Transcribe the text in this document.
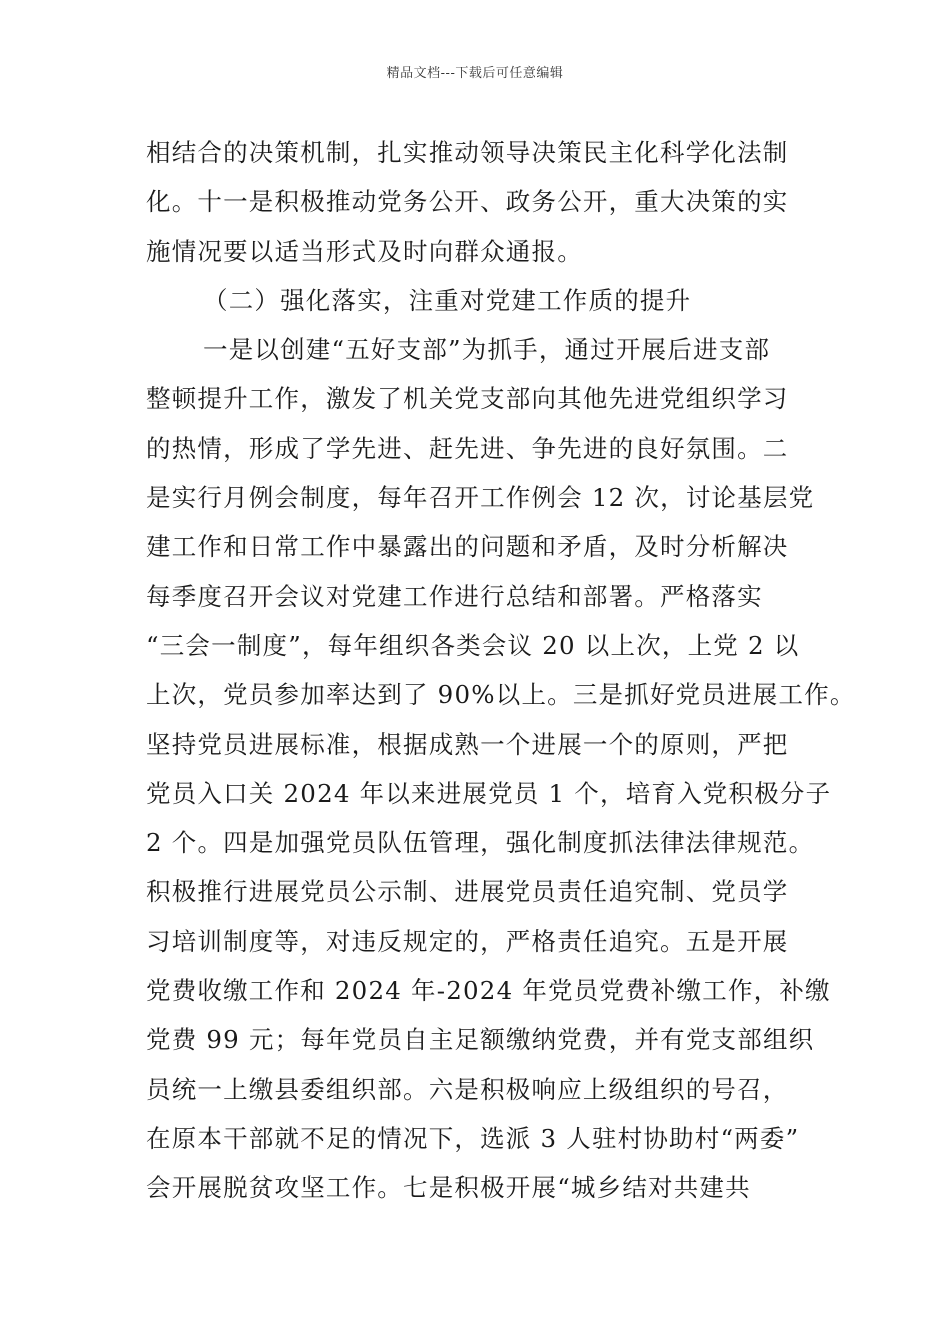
精品文档---下载后可任意编辑
相结合的决策机制，扎实推动领导决策民主化科学化法制
化。十一是积极推动党务公开、政务公开，重大决策的实
施情况要以适当形式及时向群众通报。
（二）强化落实，注重对党建工作质的提升
一是以创建“五好支部”为抓手，通过开展后进支部
整顿提升工作，激发了机关党支部向其他先进党组织学习
的热情，形成了学先进、赶先进、争先进的良好氛围。二
是实行月例会制度，每年召开工作例会 12 次，讨论基层党
建工作和日常工作中暴露出的问题和矛盾，及时分析解决
每季度召开会议对党建工作进行总结和部署。严格落实
“三会一制度”，每年组织各类会议 20 以上次，上党 2 以
上次，党员参加率达到了 90%以上。三是抓好党员进展工作。
坚持党员进展标准，根据成熟一个进展一个的原则，严把
党员入口关 2024 年以来进展党员 1 个，培育入党积极分子
2 个。四是加强党员队伍管理，强化制度抓法律法律规范。
积极推行进展党员公示制、进展党员责任追究制、党员学
习培训制度等，对违反规定的，严格责任追究。五是开展
党费收缴工作和 2024 年-2024 年党员党费补缴工作，补缴
党费 99 元；每年党员自主足额缴纳党费，并有党支部组织
员统一上缴县委组织部。六是积极响应上级组织的号召，
在原本干部就不足的情况下，选派 3 人驻村协助村“两委”
会开展脱贫攻坚工作。七是积极开展“城乡结对共建共
